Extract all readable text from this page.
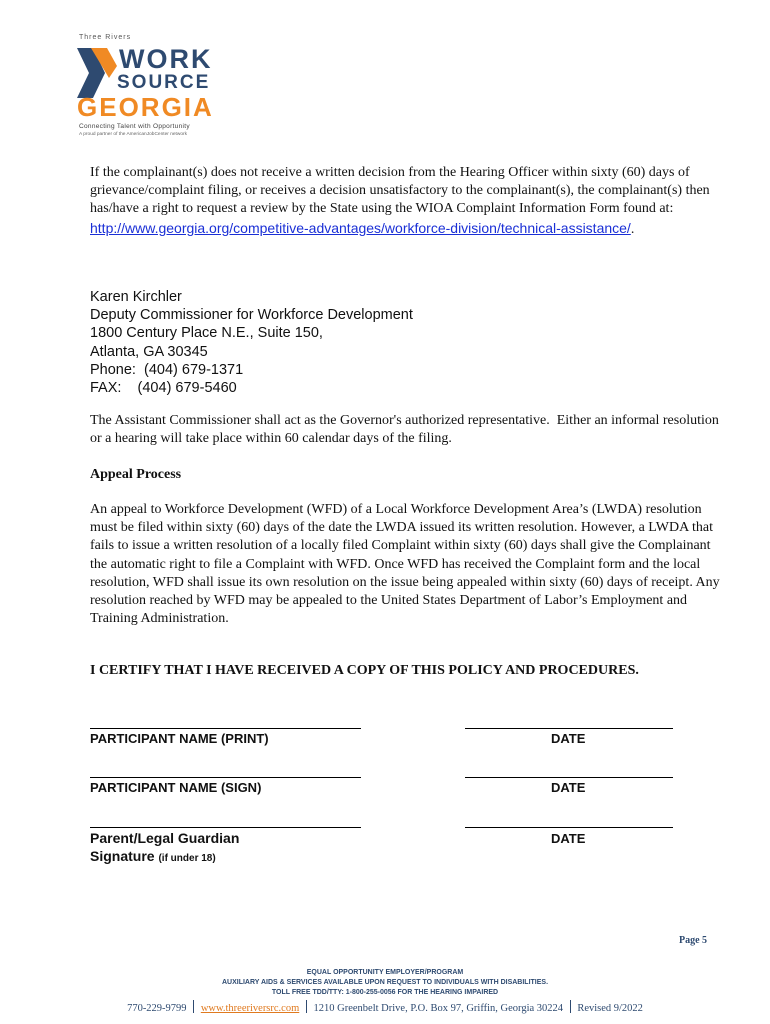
Three Rivers
WORK
SOURCE
GEORGIA
Connecting Talent with Opportunity
A proud partner of the AmericanJobCenter network
If the complainant(s) does not receive a written decision from the Hearing Officer within sixty (60) days of grievance/complaint filing, or receives a decision unsatisfactory to the complainant(s), the complainant(s) then has/have a right to request a review by the State using the WIOA Complaint Information Form found at:
http://www.georgia.org/competitive-advantages/workforce-division/technical-assistance/.
Karen Kirchler
Deputy Commissioner for Workforce Development
1800 Century Place N.E., Suite 150,
Atlanta, GA 30345
Phone:  (404) 679-1371
FAX:    (404) 679-5460
The Assistant Commissioner shall act as the Governor's authorized representative.  Either an informal resolution or a hearing will take place within 60 calendar days of the filing.
Appeal Process
An appeal to Workforce Development (WFD) of a Local Workforce Development Area’s (LWDA) resolution must be filed within sixty (60) days of the date the LWDA issued its written resolution. However, a LWDA that fails to issue a written resolution of a locally filed Complaint within sixty (60) days shall give the Complainant the automatic right to file a Complaint with WFD. Once WFD has received the Complaint form and the local resolution, WFD shall issue its own resolution on the issue being appealed within sixty (60) days of receipt. Any resolution reached by WFD may be appealed to the United States Department of Labor’s Employment and Training Administration.
I CERTIFY THAT I HAVE RECEIVED A COPY OF THIS POLICY AND PROCEDURES.
PARTICIPANT NAME (PRINT)	DATE
PARTICIPANT NAME (SIGN)	DATE
Parent/Legal Guardian
Signature (if under 18)
DATE
Page 5
EQUAL OPPORTUNITY EMPLOYER/PROGRAM
AUXILIARY AIDS & SERVICES AVAILABLE UPON REQUEST TO INDIVIDUALS WITH DISABILITIES.
TOLL FREE TDD/TTY: 1-800-255-0056 FOR THE HEARING IMPAIRED
770-229-9799 www.threeriversrc.com 1210 Greenbelt Drive, P.O. Box 97, Griffin, Georgia 30224 Revised 9/2022
